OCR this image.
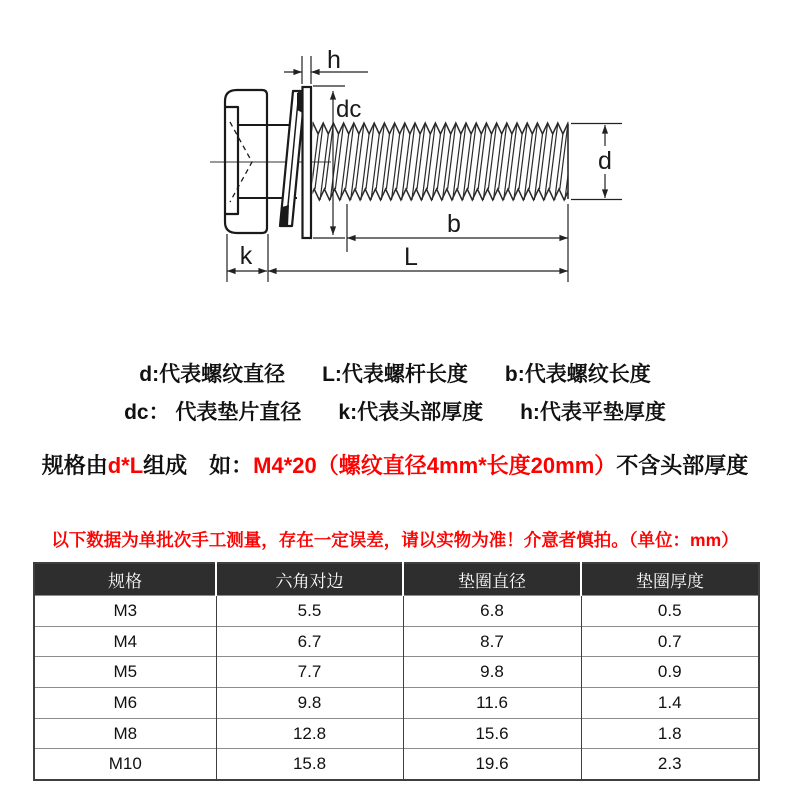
h
dc
d
b
L
k
d:代表螺纹直径 L:代表螺杆长度 b:代表螺纹长度
dc： 代表垫片直径 k:代表头部厚度 h:代表平垫厚度
规格由d*L组成　如：M4*20（螺纹直径4mm*长度20mm）不含头部厚度
以下数据为单批次手工测量，存在一定误差，请以实物为准！介意者慎拍。（单位：mm）
规格	六角对边	垫圈直径	垫圈厚度
M3	5.5	6.8	0.5
M4	6.7	8.7	0.7
M5	7.7	9.8	0.9
M6	9.8	11.6	1.4
M8	12.8	15.6	1.8
M10	15.8	19.6	2.3
